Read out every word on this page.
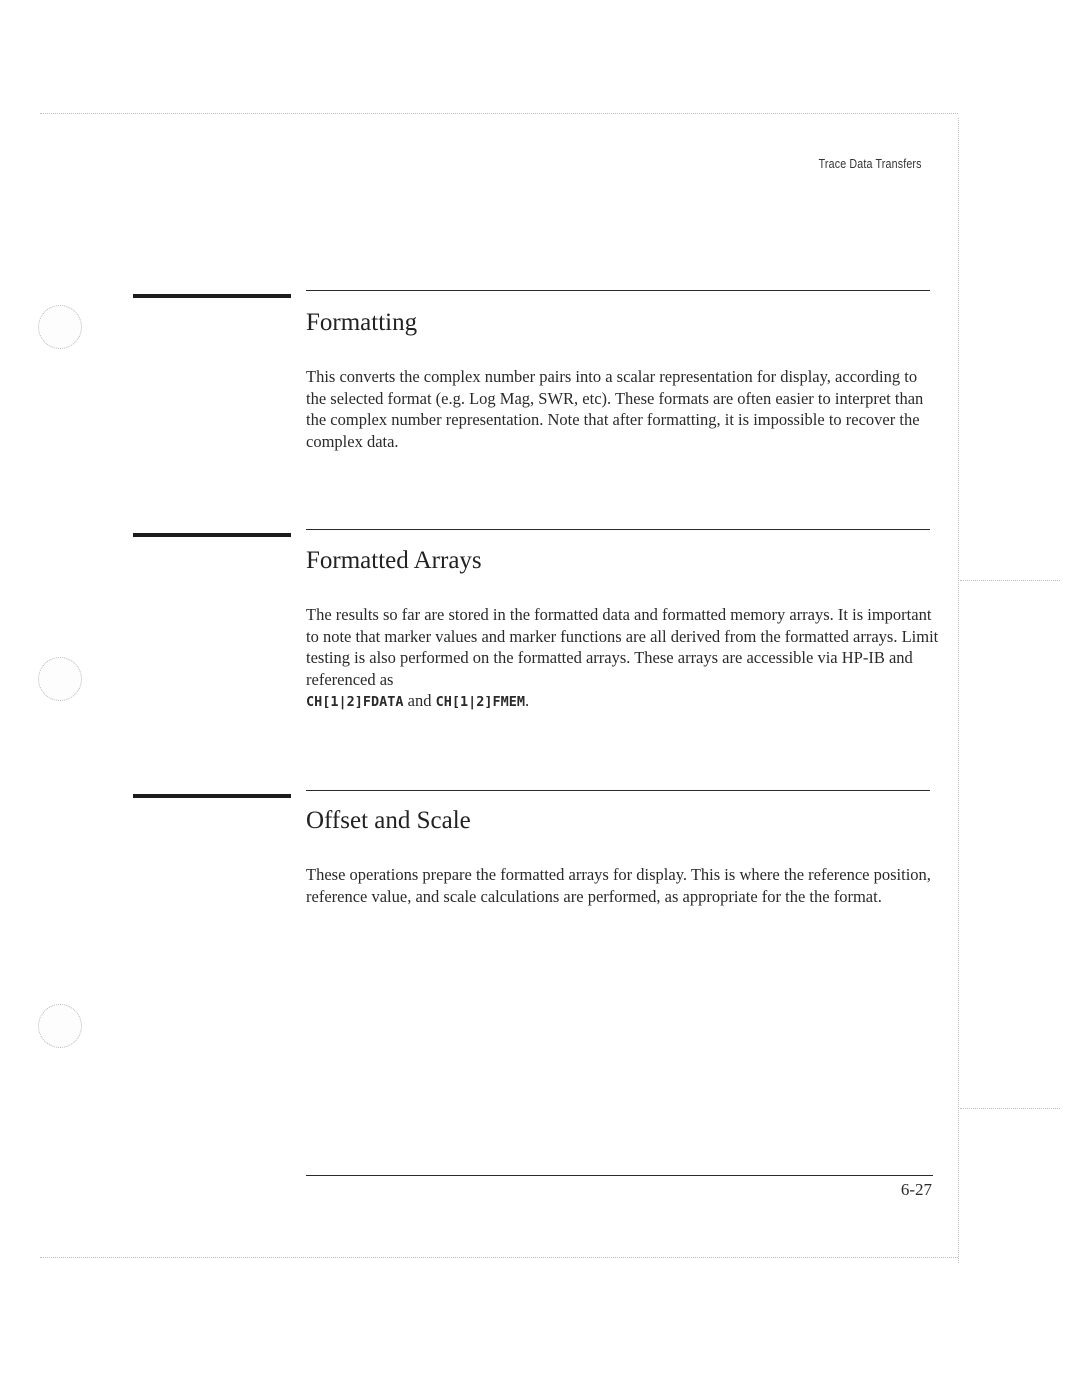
Trace Data Transfers
Formatting

This converts the complex number pairs into a scalar representation for display, according to the selected format (e.g. Log Mag, SWR, etc). These formats are often easier to interpret than the complex number representation. Note that after formatting, it is impossible to recover the complex data.

Formatted Arrays

The results so far are stored in the formatted data and formatted memory arrays. It is important to note that marker values and marker functions are all derived from the formatted arrays. Limit testing is also performed on the formatted arrays. These arrays are accessible via HP-IB and referenced as
CH[1|2]FDATA and CH[1|2]FMEM.

Offset and Scale

These operations prepare the formatted arrays for display. This is where the reference position, reference value, and scale calculations are performed, as appropriate for the the format.

6-27
